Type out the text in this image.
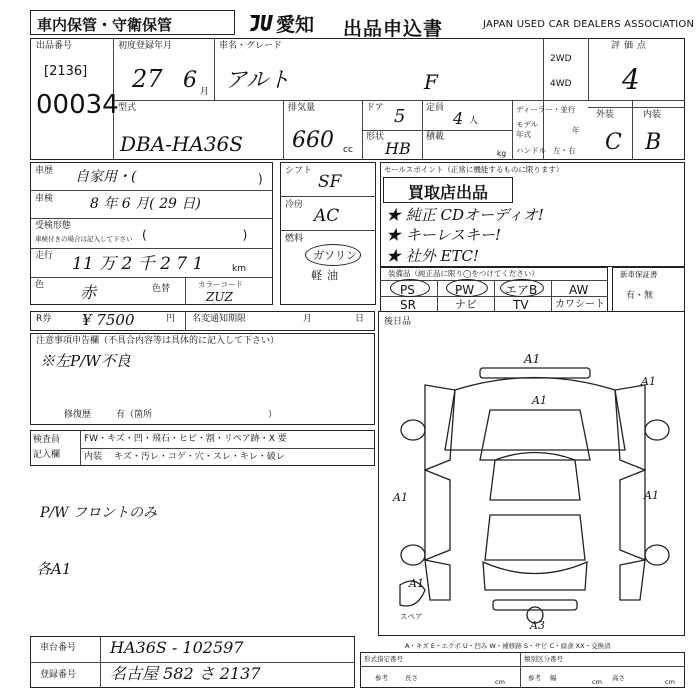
車内保管・守衛保管	愛知 出品申込書	JAPAN USED CAR DEALERS ASSOCIATION
出品番号
[2136]
00034
初度登録年月
27 6 月
車名・グレード
アルト	F
2WD
4WD
評価点
4
型式
DBA-HA36S
排気量
660 cc
ドア 5 定員
4 人
形状
HB
積載
kg
ディーラー・並行
モデル
年式	年
ハンドル 左・右
外装	内装
C B
車歴 自家用・(	)
車検	8 年 6 月( 29 日)
受検形態
車検付きの場合は記入して下さい (　　　　　　　　)
走行 11 万 2 千 2 7 1	km
色 赤	色替	カラーコード
ZUZ
シフト
SF
冷房
AC
燃料
ガソリン
軽油
セールスポイント（正常に機能するものに限ります）
買取店出品
★ 純正 CDオーディオ!
★ キーレスキー!
★ 社外 ETC!
装備品（純正品に限り◯をつけてください）
PS	PW	エアB	AW
SR	ナビ	TV	カワシート
新車保証書
有・無
R券 ¥ 7500	円 名変通知期限	月	日 後日品
注意事項申告欄（不具合内容等は具体的に記入して下さい）
※左P/W不良
修復歴	有（箇所	）
検査員
記入欄
FW・キズ・凹・飛石・ヒビ・割・リペア跡・X 要
内装 キズ・汚レ・コゲ・穴・スレ・キレ・破レ
P/W フロントのみ
各A1
A1
A1
A1	A1
A1
A1
A3
スペア
A・キズ E・エクボ U・凹み W・補修跡 S・サビ C・腐食 XX・交換済
車台番号 HA36S - 102597
登録番号 名古屋 582 さ 2137
形式指定番号	類別区分番号
参考	長さ	cm	参考 幅	cm 高さ	cm
